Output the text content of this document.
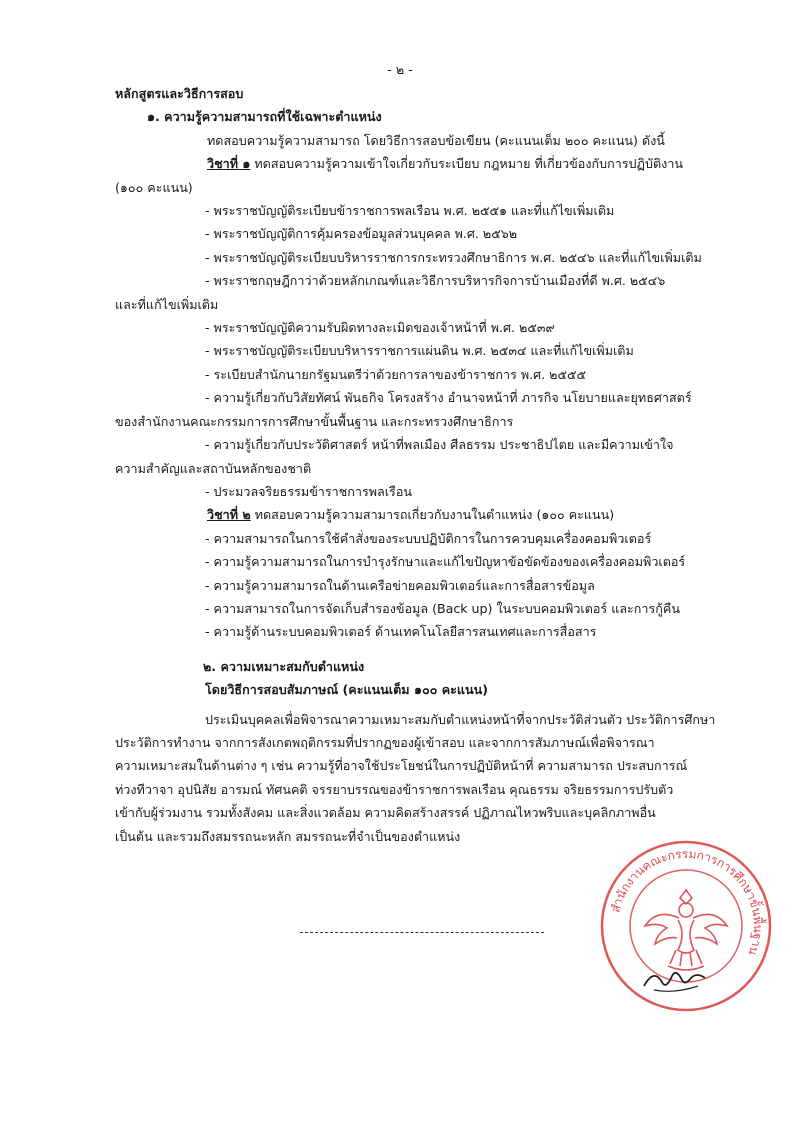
- ๒ -
หลักสูตรและวิธีการสอบ
๑. ความรู้ความสามารถที่ใช้เฉพาะตำแหน่ง
ทดสอบความรู้ความสามารถ โดยวิธีการสอบข้อเขียน (คะแนนเต็ม ๒๐๐ คะแนน) ดังนี้
วิชาที่ ๑ ทดสอบความรู้ความเข้าใจเกี่ยวกับระเบียบ กฎหมาย ที่เกี่ยวข้องกับการปฏิบัติงาน
(๑๐๐ คะแนน)
- พระราชบัญญัติระเบียบข้าราชการพลเรือน พ.ศ. ๒๕๕๑ และที่แก้ไขเพิ่มเติม
- พระราชบัญญัติการคุ้มครองข้อมูลส่วนบุคคล พ.ศ. ๒๕๖๒
- พระราชบัญญัติระเบียบบริหารราชการกระทรวงศึกษาธิการ พ.ศ. ๒๕๔๖ และที่แก้ไขเพิ่มเติม
- พระราชกฤษฎีกาว่าด้วยหลักเกณฑ์และวิธีการบริหารกิจการบ้านเมืองที่ดี พ.ศ. ๒๕๔๖
และที่แก้ไขเพิ่มเติม
- พระราชบัญญัติความรับผิดทางละเมิดของเจ้าหน้าที่ พ.ศ. ๒๕๓๙
- พระราชบัญญัติระเบียบบริหารราชการแผ่นดิน พ.ศ. ๒๕๓๔ และที่แก้ไขเพิ่มเติม
- ระเบียบสำนักนายกรัฐมนตรีว่าด้วยการลาของข้าราชการ พ.ศ. ๒๕๕๕
- ความรู้เกี่ยวกับวิสัยทัศน์ พันธกิจ โครงสร้าง อำนาจหน้าที่ ภารกิจ นโยบายและยุทธศาสตร์
ของสำนักงานคณะกรรมการการศึกษาขั้นพื้นฐาน และกระทรวงศึกษาธิการ
- ความรู้เกี่ยวกับประวัติศาสตร์ หน้าที่พลเมือง ศีลธรรม ประชาธิปไตย และมีความเข้าใจ
ความสำคัญและสถาบันหลักของชาติ
- ประมวลจริยธรรมข้าราชการพลเรือน
วิชาที่ ๒ ทดสอบความรู้ความสามารถเกี่ยวกับงานในตำแหน่ง (๑๐๐ คะแนน)
- ความสามารถในการใช้คำสั่งของระบบปฏิบัติการในการควบคุมเครื่องคอมพิวเตอร์
- ความรู้ความสามารถในการบำรุงรักษาและแก้ไขปัญหาข้อขัดข้องของเครื่องคอมพิวเตอร์
- ความรู้ความสามารถในด้านเครือข่ายคอมพิวเตอร์และการสื่อสารข้อมูล
- ความสามารถในการจัดเก็บสำรองข้อมูล (Back up) ในระบบคอมพิวเตอร์ และการกู้คืน
- ความรู้ด้านระบบคอมพิวเตอร์ ด้านเทคโนโลยีสารสนเทศและการสื่อสาร
๒. ความเหมาะสมกับตำแหน่ง
โดยวิธีการสอบสัมภาษณ์ (คะแนนเต็ม ๑๐๐ คะแนน)
ประเมินบุคคลเพื่อพิจารณาความเหมาะสมกับตำแหน่งหน้าที่จากประวัติส่วนตัว ประวัติการศึกษา
ประวัติการทำงาน จากการสังเกตพฤติกรรมที่ปรากฏของผู้เข้าสอบ และจากการสัมภาษณ์เพื่อพิจารณา
ความเหมาะสมในด้านต่าง ๆ เช่น ความรู้ที่อาจใช้ประโยชน์ในการปฏิบัติหน้าที่ ความสามารถ ประสบการณ์
ท่วงทีวาจา อุปนิสัย อารมณ์ ทัศนคติ จรรยาบรรณของข้าราชการพลเรือน คุณธรรม จริยธรรมการปรับตัว
เข้ากับผู้ร่วมงาน รวมทั้งสังคม และสิ่งแวดล้อม ความคิดสร้างสรรค์ ปฏิภาณไหวพริบและบุคลิกภาพอื่น
เป็นต้น และรวมถึงสมรรถนะหลัก สมรรถนะที่จำเป็นของตำแหน่ง
สำนักงานคณะกรรมการการศึกษาขั้นพื้นฐาน
